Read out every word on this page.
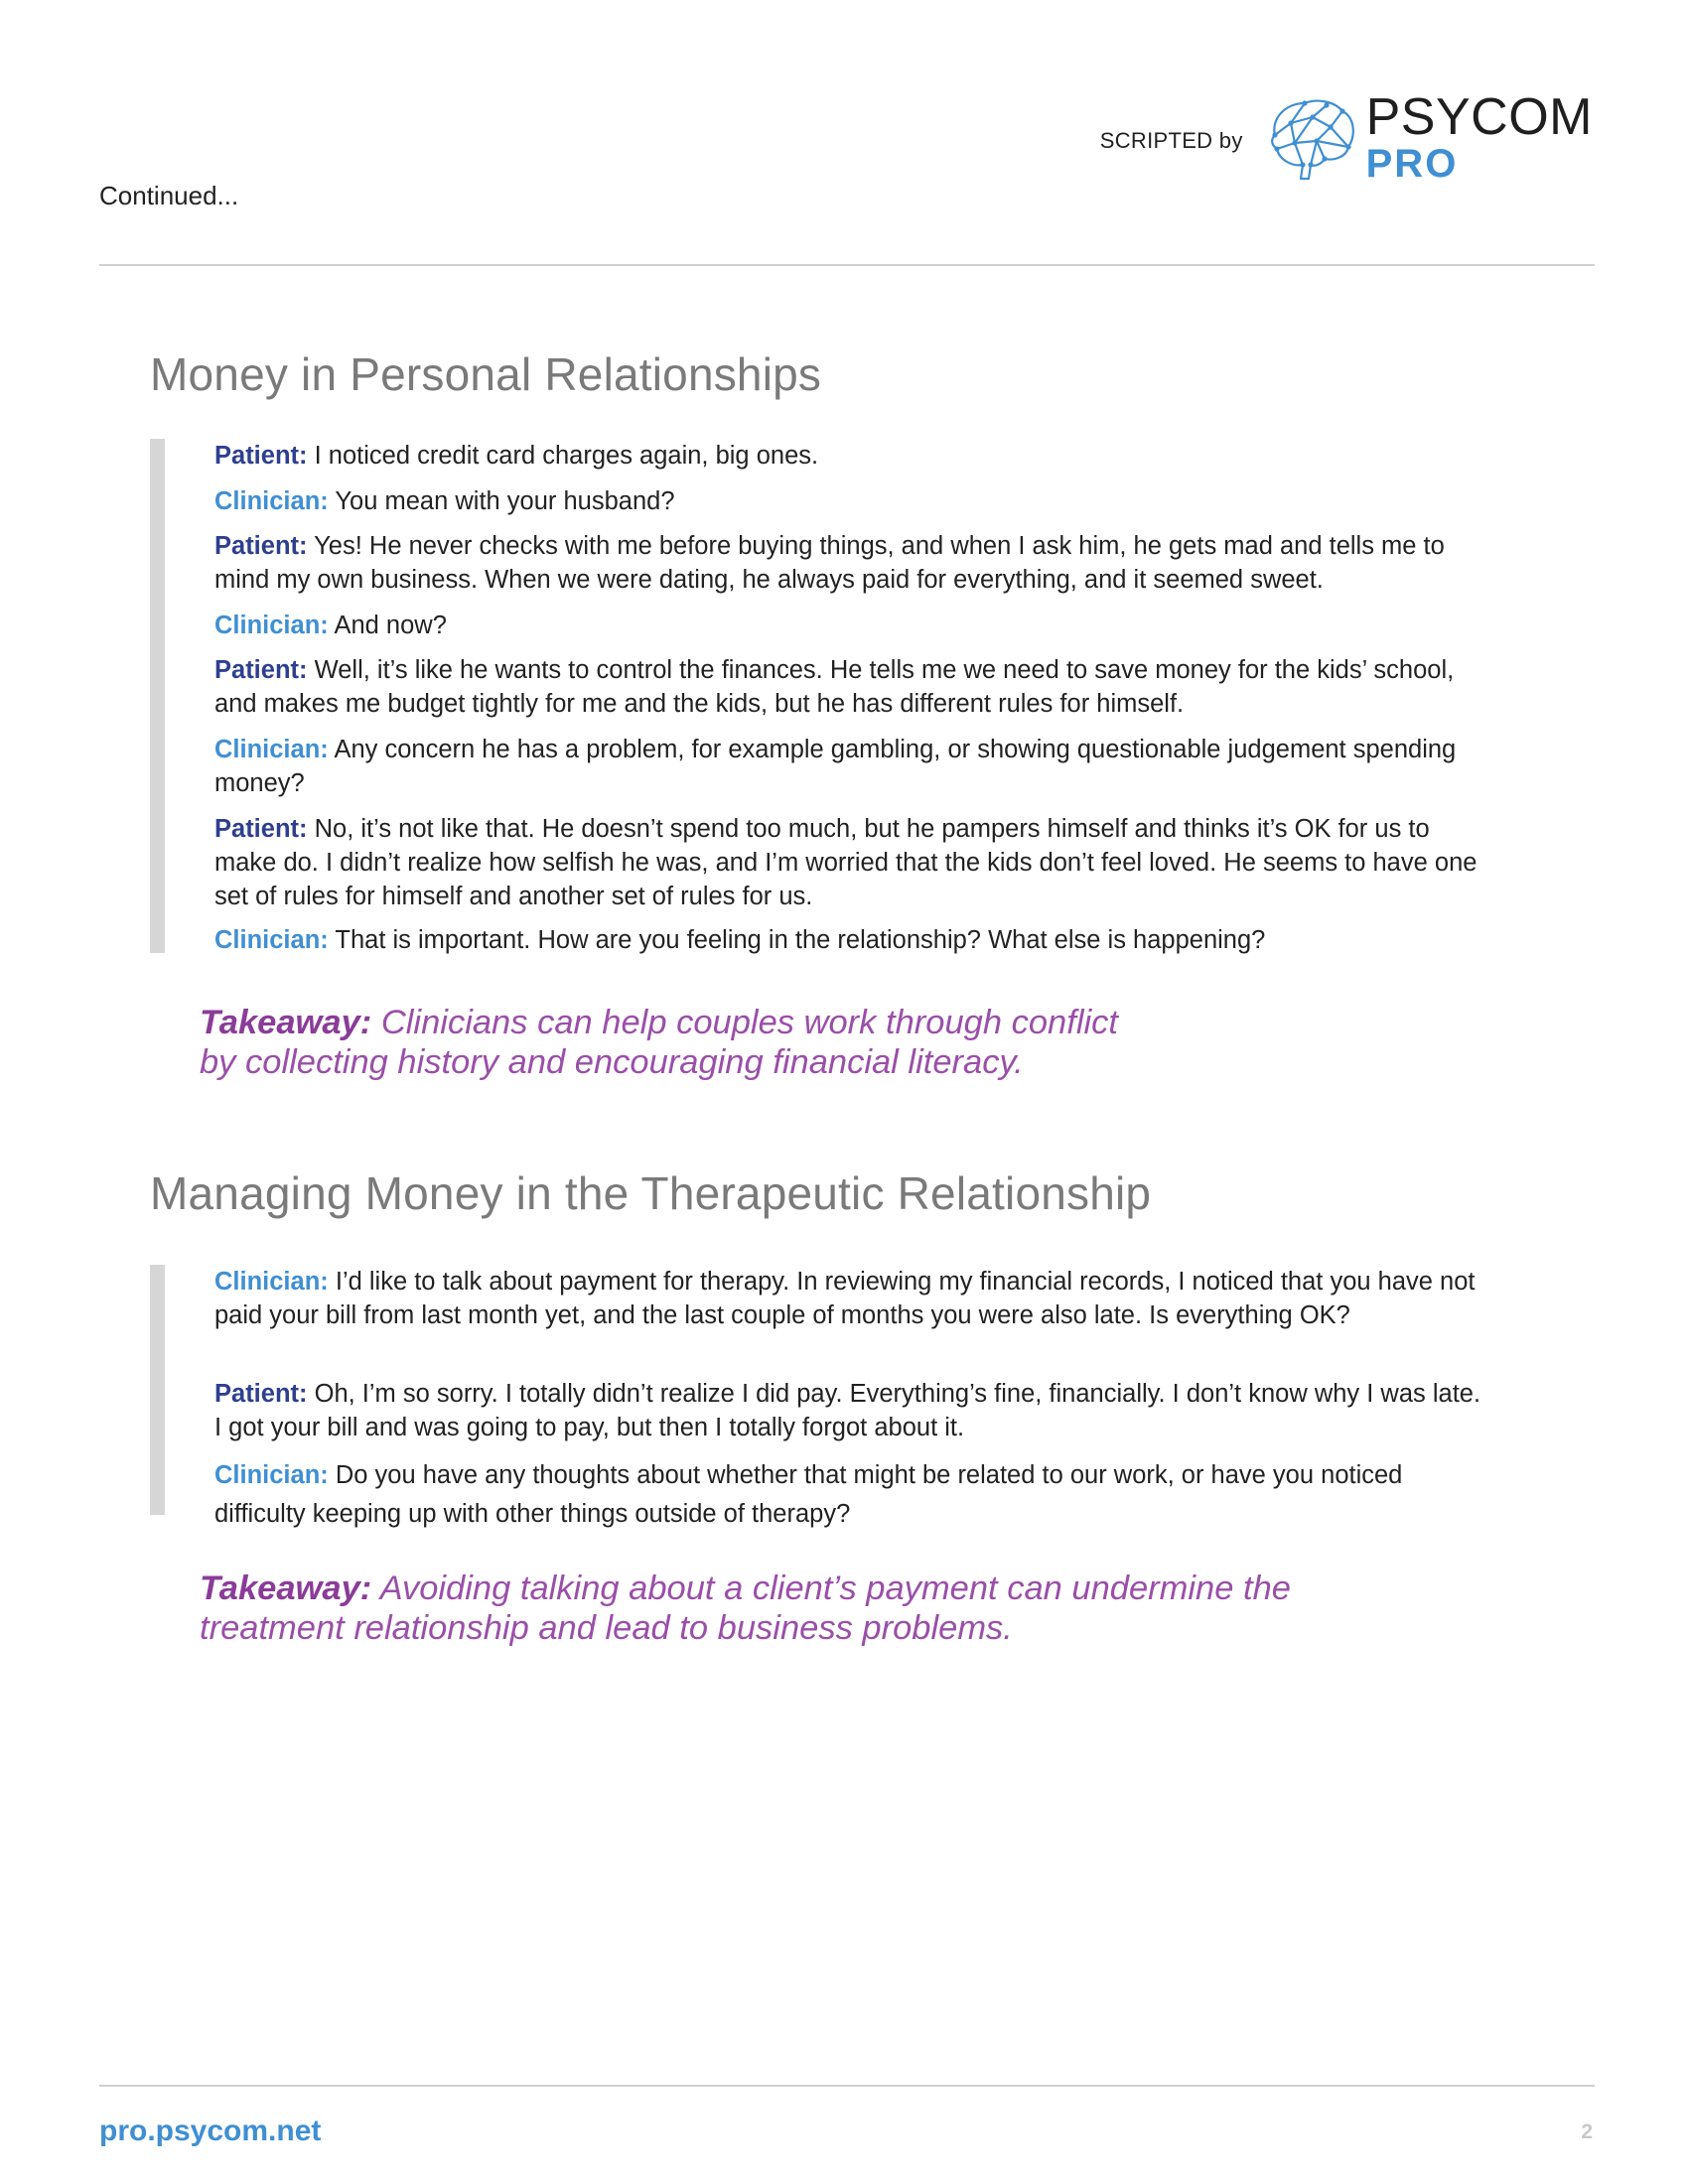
SCRIPTED by PSYCOM
PRO
Continued...
Money in Personal Relationships

Patient: I noticed credit card charges again, big ones.

Clinician: You mean with your husband?

Patient: Yes! He never checks with me before buying things, and when I ask him, he gets mad and tells me to mind my own business. When we were dating, he always paid for everything, and it seemed sweet.

Clinician: And now?

Patient: Well, it’s like he wants to control the finances. He tells me we need to save money for the kids’ school, and makes me budget tightly for me and the kids, but he has different rules for himself.

Clinician: Any concern he has a problem, for example gambling, or showing questionable judgement spending money?

Patient: No, it’s not like that. He doesn’t spend too much, but he pampers himself and thinks it’s OK for us to make do. I didn’t realize how selfish he was, and I’m worried that the kids don’t feel loved. He seems to have one set of rules for himself and another set of rules for us.

Clinician: That is important. How are you feeling in the relationship? What else is happening?

Takeaway: Clinicians can help couples work through conflict
by collecting history and encouraging financial literacy.

Managing Money in the Therapeutic Relationship

Clinician: I’d like to talk about payment for therapy. In reviewing my financial records, I noticed that you have not paid your bill from last month yet, and the last couple of months you were also late. Is everything OK?

Patient: Oh, I’m so sorry. I totally didn’t realize I did pay. Everything’s fine, financially. I don’t know why I was late. I got your bill and was going to pay, but then I totally forgot about it.

Clinician: Do you have any thoughts about whether that might be related to our work, or have you noticed difficulty keeping up with other things outside of therapy?

Takeaway: Avoiding talking about a client’s payment can undermine the
treatment relationship and lead to business problems.

pro.psycom.net	2
